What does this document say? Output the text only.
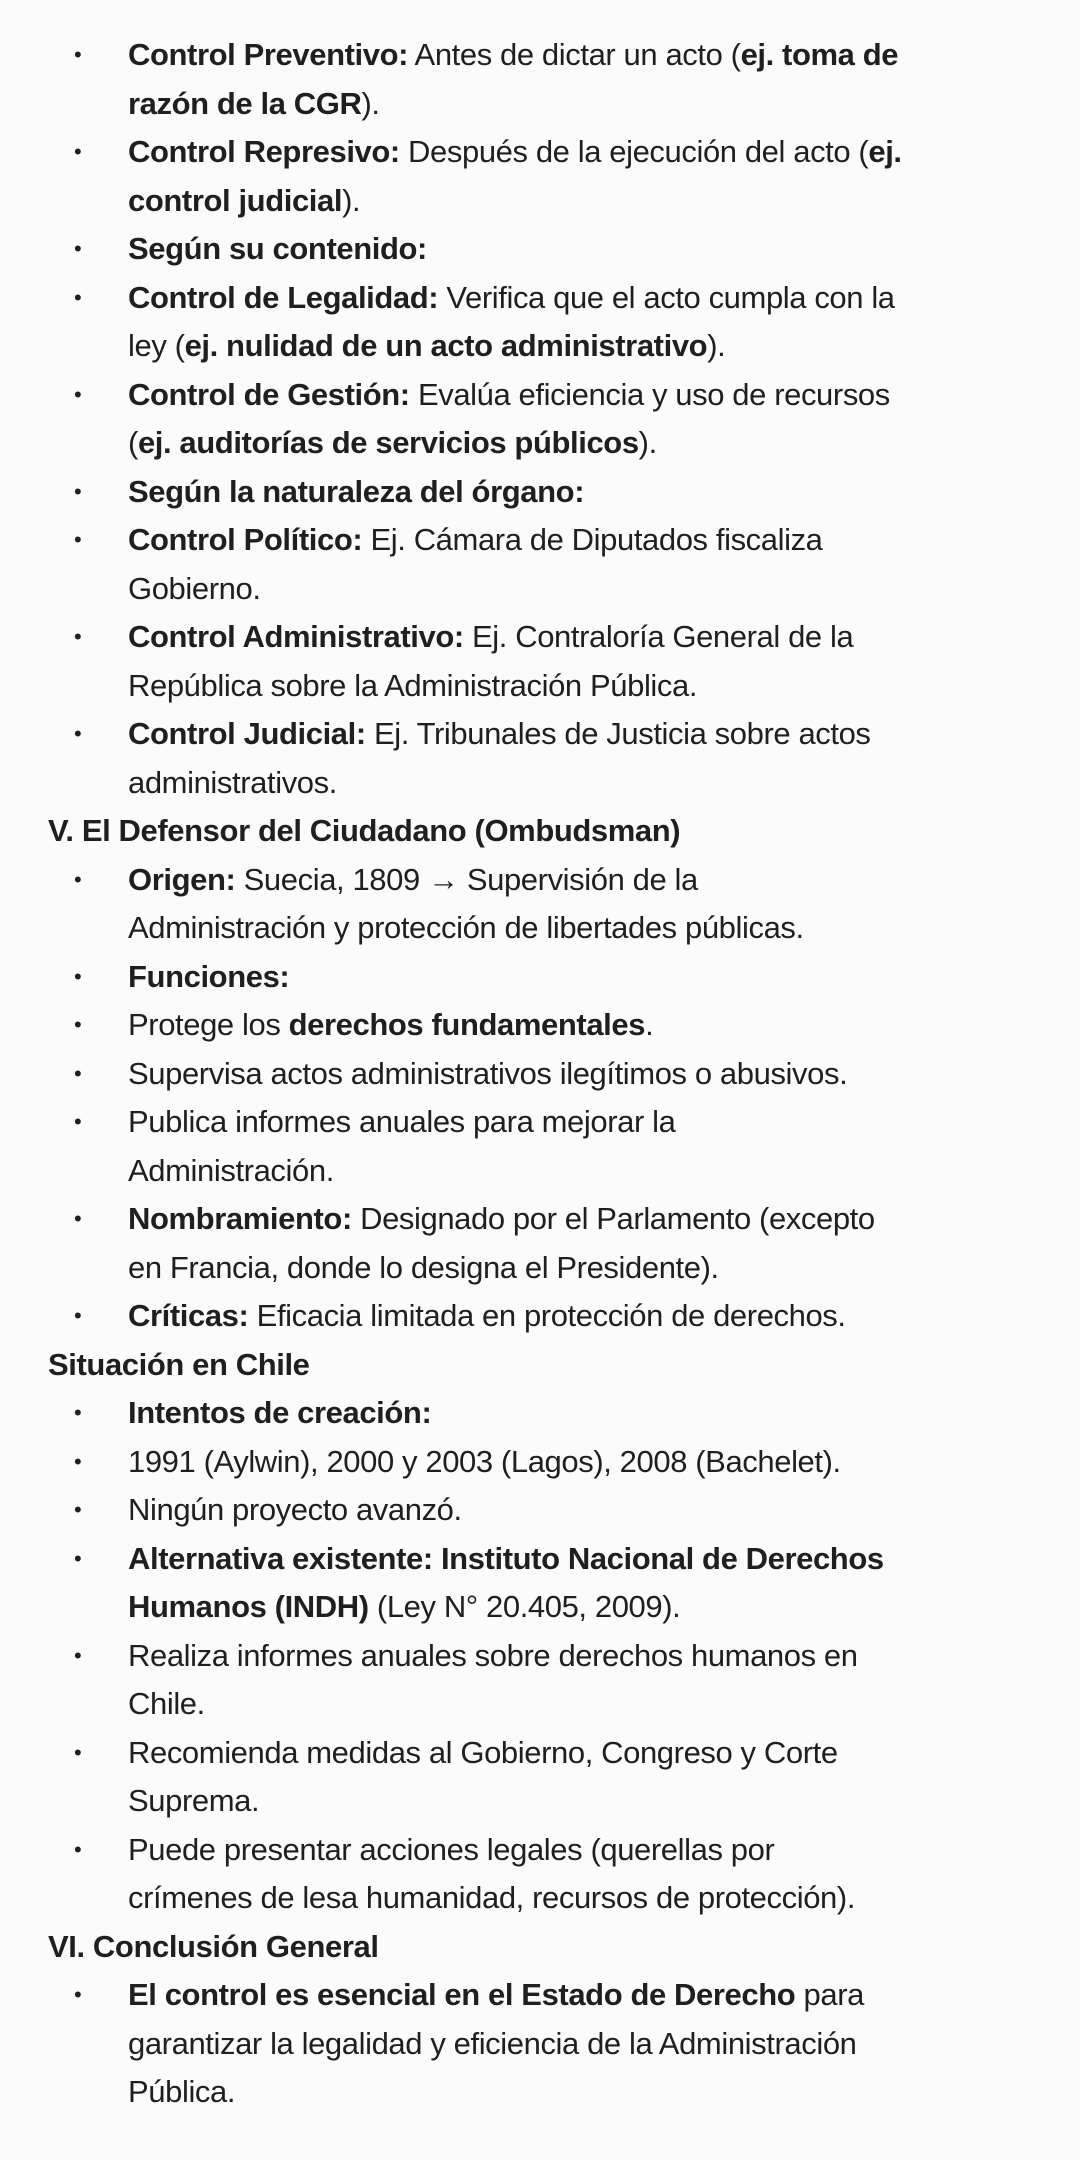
• Control Preventivo: Antes de dictar un acto (ej. toma de
razón de la CGR).
• Control Represivo: Después de la ejecución del acto (ej.
control judicial).
• Según su contenido:
• Control de Legalidad: Verifica que el acto cumpla con la
ley (ej. nulidad de un acto administrativo).
• Control de Gestión: Evalúa eficiencia y uso de recursos
(ej. auditorías de servicios públicos).
• Según la naturaleza del órgano:
• Control Político: Ej. Cámara de Diputados fiscaliza
Gobierno.
• Control Administrativo: Ej. Contraloría General de la
República sobre la Administración Pública.
• Control Judicial: Ej. Tribunales de Justicia sobre actos
administrativos.
V. El Defensor del Ciudadano (Ombudsman)
• Origen: Suecia, 1809 → Supervisión de la
Administración y protección de libertades públicas.
• Funciones:
• Protege los derechos fundamentales.
• Supervisa actos administrativos ilegítimos o abusivos.
• Publica informes anuales para mejorar la
Administración.
• Nombramiento: Designado por el Parlamento (excepto
en Francia, donde lo designa el Presidente).
• Críticas: Eficacia limitada en protección de derechos.
Situación en Chile
• Intentos de creación:
• 1991 (Aylwin), 2000 y 2003 (Lagos), 2008 (Bachelet).
• Ningún proyecto avanzó.
• Alternativa existente: Instituto Nacional de Derechos
Humanos (INDH) (Ley N° 20.405, 2009).
• Realiza informes anuales sobre derechos humanos en
Chile.
• Recomienda medidas al Gobierno, Congreso y Corte
Suprema.
• Puede presentar acciones legales (querellas por
crímenes de lesa humanidad, recursos de protección).
VI. Conclusión General
• El control es esencial en el Estado de Derecho para
garantizar la legalidad y eficiencia de la Administración
Pública.
